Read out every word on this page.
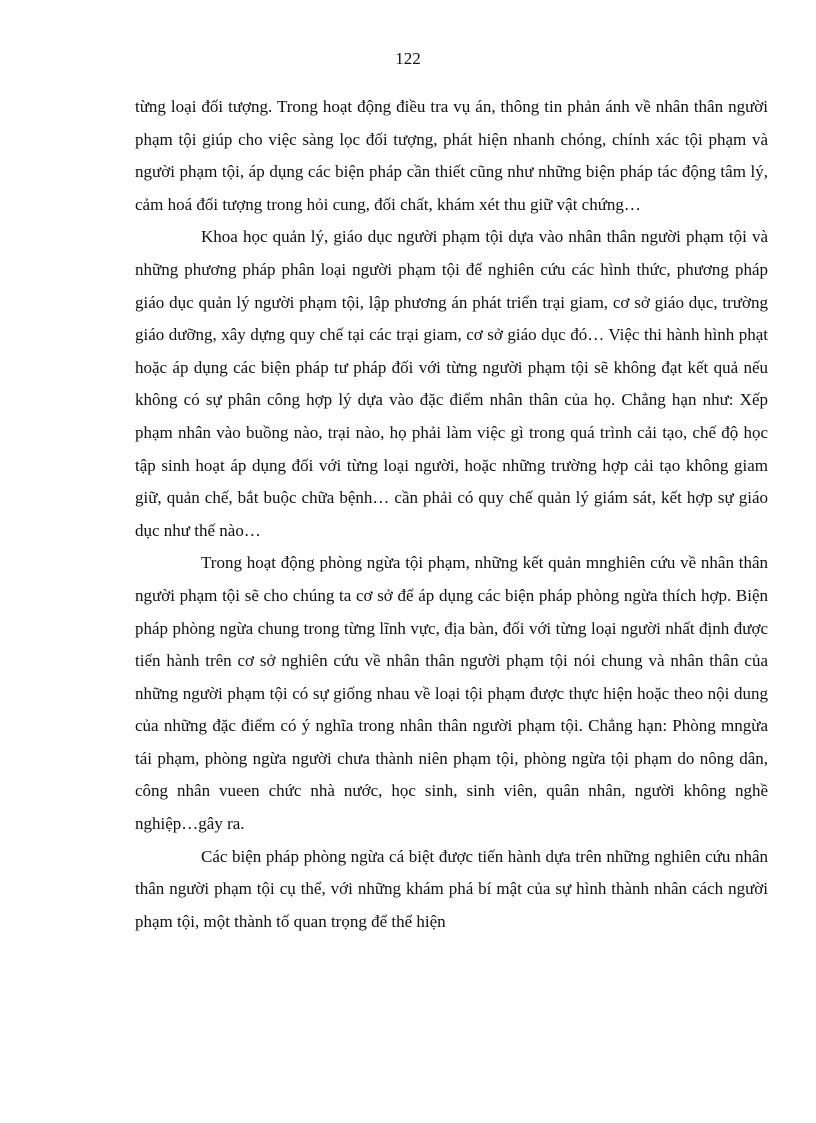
122

từng loại đối tượng. Trong hoạt động điều tra vụ án, thông tin phản ánh về nhân thân người phạm tội giúp cho việc sàng lọc đối tượng, phát hiện nhanh chóng, chính xác tội phạm và người phạm tội, áp dụng các biện pháp cần thiết cũng như những biện pháp tác động tâm lý, cảm hoá đối tượng trong hỏi cung, đối chất, khám xét thu giữ vật chứng…

Khoa học quản lý, giáo dục người phạm tội dựa vào nhân thân người phạm tội và những phương pháp phân loại người phạm tội để nghiên cứu các hình thức, phương pháp giáo dục quản lý người phạm tội, lập phương án phát triển trại giam, cơ sở giáo dục, trường giáo dưỡng, xây dựng quy chế tại các trại giam, cơ sở giáo dục đó… Việc thi hành hình phạt hoặc áp dụng các biện pháp tư pháp đối với từng người phạm tội sẽ không đạt kết quả nếu không có sự phân công hợp lý dựa vào đặc điểm nhân thân của họ. Chẳng hạn như: Xếp phạm nhân vào buồng nào, trại nào, họ phải làm việc gì trong quá trình cải tạo, chế độ học tập sinh hoạt áp dụng đối với từng loại người, hoặc những trường hợp cải tạo không giam giữ, quản chế, bắt buộc chữa bệnh… cần phải có quy chế quản lý giám sát, kết hợp sự giáo dục như thế nào…

Trong hoạt động phòng ngừa tội phạm, những kết quản mnghiên cứu về nhân thân người phạm tội sẽ cho chúng ta cơ sở để áp dụng các biện pháp phòng ngừa thích hợp. Biện pháp phòng ngừa chung trong từng lĩnh vực, địa bàn, đối với từng loại người nhất định được tiến hành trên cơ sở nghiên cứu về nhân thân người phạm tội nói chung và nhân thân của những người phạm tội có sự giống nhau về loại tội phạm được thực hiện hoặc theo nội dung của những đặc điểm có ý nghĩa trong nhân thân người phạm tội. Chẳng hạn: Phòng mngừa tái phạm, phòng ngừa người chưa thành niên phạm tội, phòng ngừa tội phạm do nông dân, công nhân vueen chức nhà nước, học sinh, sinh viên, quân nhân, người không nghề nghiệp…gây ra.

Các biện pháp phòng ngừa cá biệt được tiến hành dựa trên những nghiên cứu nhân thân người phạm tội cụ thể, với những khám phá bí mật của sự hình thành nhân cách người phạm tội, một thành tố quan trọng để thể hiện
